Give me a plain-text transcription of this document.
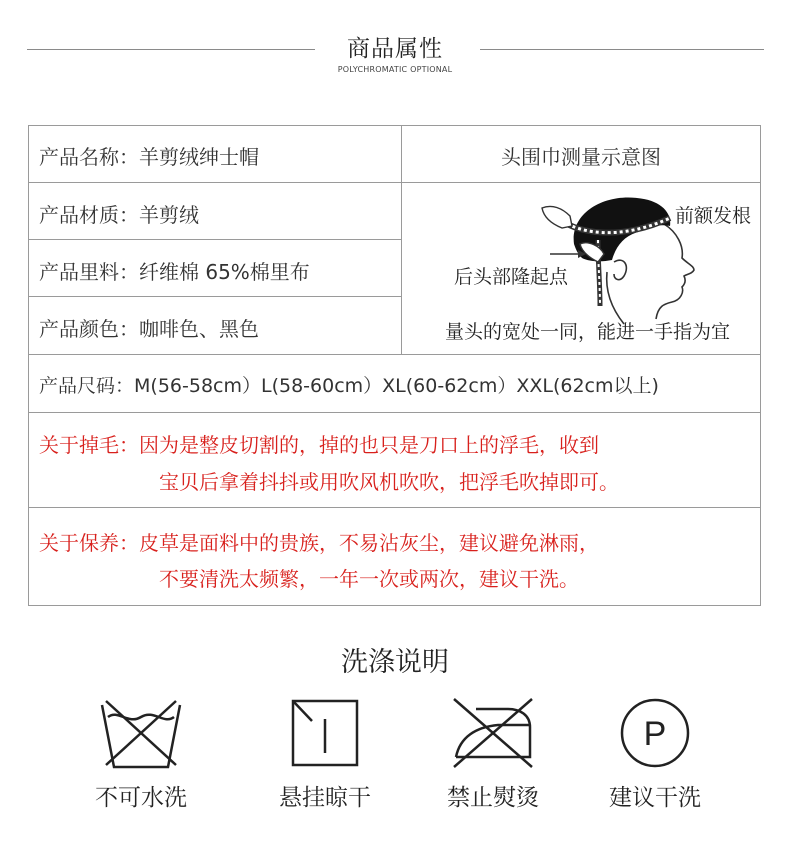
商品属性
POLYCHROMATIC OPTIONAL
产品名称：羊剪绒绅士帽
产品材质：羊剪绒
产品里料：纤维棉 65%棉里布
产品颜色：咖啡色、黑色
产品尺码：M(56-58cm）L(58-60cm）XL(60-62cm）XXL(62cm以上)
头围巾测量示意图
前额发根
后头部隆起点
量头的宽处一同，能进一手指为宜
关于掉毛：因为是整皮切割的，掉的也只是刀口上的浮毛，收到
宝贝后拿着抖抖或用吹风机吹吹，把浮毛吹掉即可。
关于保养：皮草是面料中的贵族，不易沾灰尘，建议避免淋雨，
不要清洗太频繁，一年一次或两次，建议干洗。
洗涤说明
不可水洗	悬挂晾干	禁止熨烫
P
建议干洗
